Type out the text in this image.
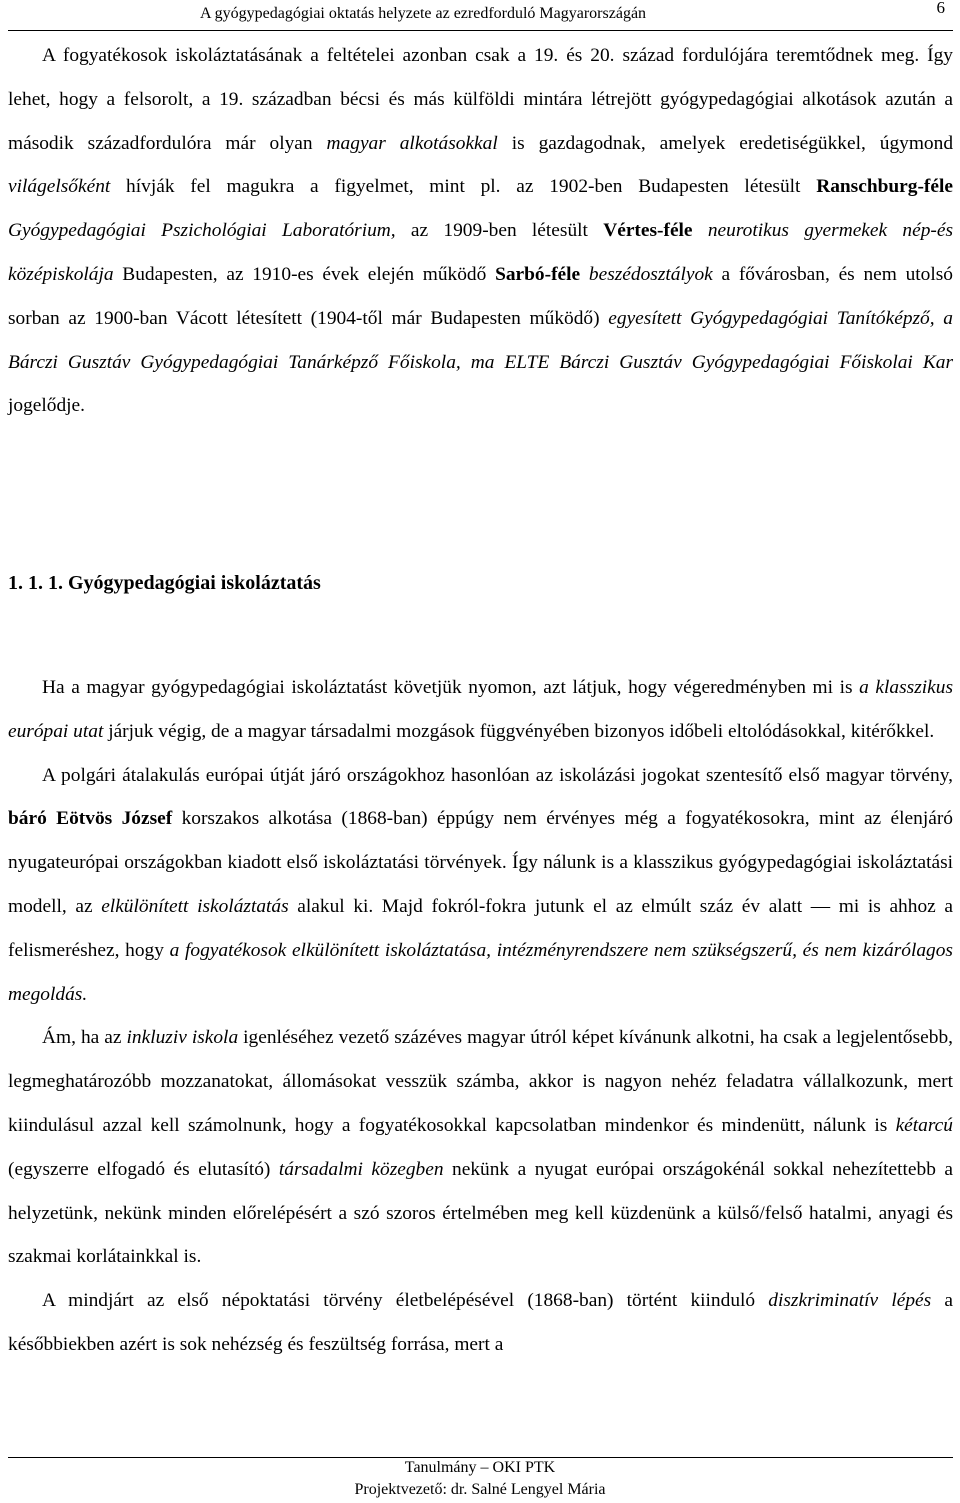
A gyógypedagógiai oktatás helyzete az ezredforduló Magyarországán	6

A fogyatékosok iskoláztatásának a feltételei azonban csak a 19. és 20. század fordulójára teremtődnek meg. Így lehet, hogy a felsorolt, a 19. században bécsi és más külföldi mintára létrejött gyógypedagógiai alkotások azután a második századfordulóra már olyan magyar alkotásokkal is gazdagodnak, amelyek eredetiségükkel, úgymond világelsőként hívják fel magukra a figyelmet, mint pl. az 1902-ben Budapesten létesült Ranschburg-féle Gyógypedagógiai Pszichológiai Laboratórium, az 1909-ben létesült Vértes-féle neurotikus gyermekek nép-és középiskolája Budapesten, az 1910-es évek elején működő Sarbó-féle beszédosztályok a fővárosban, és nem utolsó sorban az 1900-ban Vácott létesített (1904-től már Budapesten működő) egyesített Gyógypedagógiai Tanítóképző, a Bárczi Gusztáv Gyógypedagógiai Tanárképző Főiskola, ma ELTE Bárczi Gusztáv Gyógypedagógiai Főiskolai Kar jogelődje.

1. 1. 1. Gyógypedagógiai iskoláztatás

Ha a magyar gyógypedagógiai iskoláztatást követjük nyomon, azt látjuk, hogy végeredményben mi is a klasszikus európai utat járjuk végig, de a magyar társadalmi mozgások függvényében bizonyos időbeli eltolódásokkal, kitérőkkel.

A polgári átalakulás európai útját járó országokhoz hasonlóan az iskolázási jogokat szentesítő első magyar törvény, báró Eötvös József korszakos alkotása (1868-ban) éppúgy nem érvényes még a fogyatékosokra, mint az élenjáró nyugateurópai országokban kiadott első iskoláztatási törvények. Így nálunk is a klasszikus gyógypedagógiai iskoláztatási modell, az elkülönített iskoláztatás alakul ki. Majd fokról-fokra jutunk el az elmúlt száz év alatt — mi is ahhoz a felismeréshez, hogy a fogyatékosok elkülönített iskoláztatása, intézményrendszere nem szükségszerű, és nem kizárólagos megoldás.

Ám, ha az inkluziv iskola igenléséhez vezető százéves magyar útról képet kívánunk alkotni, ha csak a legjelentősebb, legmeghatározóbb mozzanatokat, állomásokat vesszük számba, akkor is nagyon nehéz feladatra vállalkozunk, mert kiindulásul azzal kell számolnunk, hogy a fogyatékosokkal kapcsolatban mindenkor és mindenütt, nálunk is kétarcú (egyszerre elfogadó és elutasító) társadalmi közegben nekünk a nyugat európai országokénál sokkal nehezítettebb a helyzetünk, nekünk minden előrelépésért a szó szoros értelmében meg kell küzdenünk a külső/felső hatalmi, anyagi és szakmai korlátainkkal is.

A mindjárt az első népoktatási törvény életbelépésével (1868-ban) történt kiinduló diszkriminatív lépés a későbbiekben azért is sok nehézség és feszültség forrása, mert a

Tanulmány – OKI PTK
Projektvezető: dr. Salné Lengyel Mária
